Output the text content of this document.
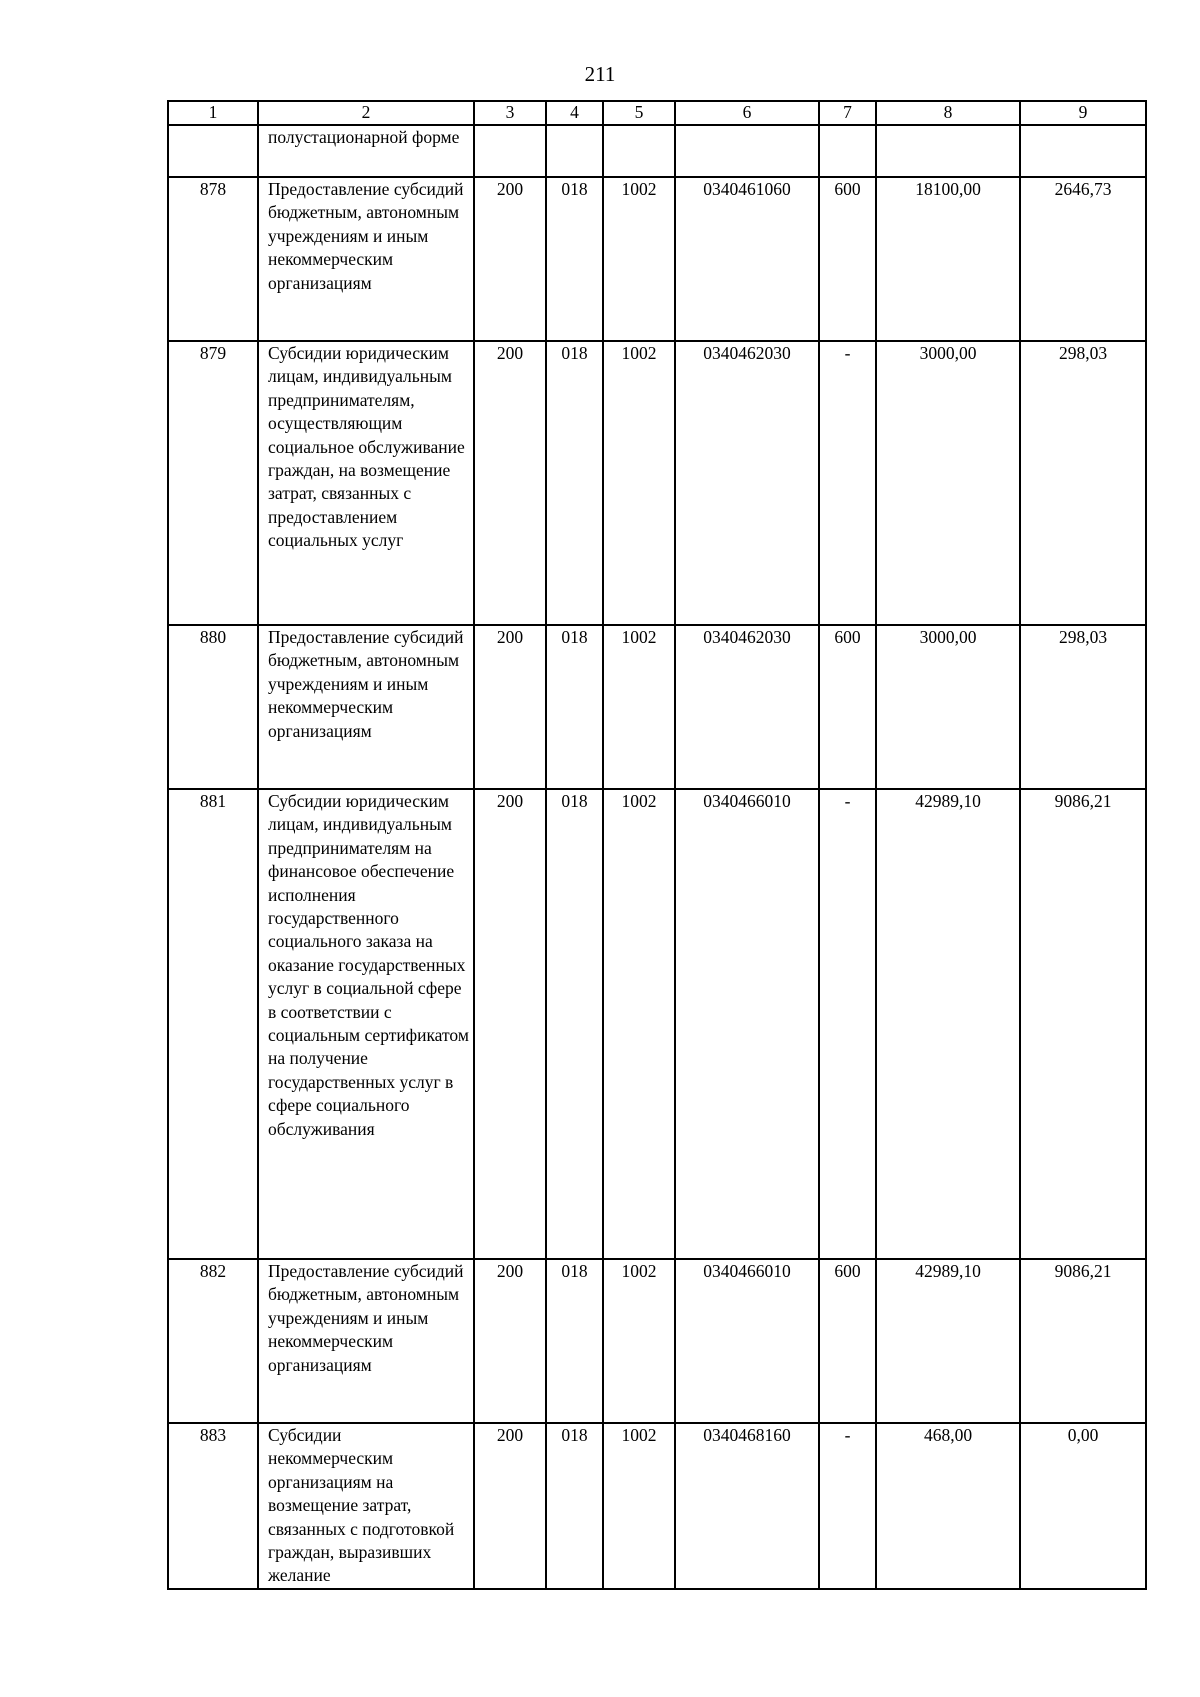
211
1	2	3	4	5	6	7	8	9
	полустационарной форме							
878	Предоставление субсидий бюджетным, автономным учреждениям и иным некоммерческим организациям	200	018	1002	0340461060	600	18100,00	2646,73
879	Субсидии юридическим лицам, индивидуальным предпринимателям, осуществляющим социальное обслуживание граждан, на возмещение затрат, связанных с предоставлением социальных услуг	200	018	1002	0340462030	-	3000,00	298,03
880	Предоставление субсидий бюджетным, автономным учреждениям и иным некоммерческим организациям	200	018	1002	0340462030	600	3000,00	298,03
881	Субсидии юридическим лицам, индивидуальным предпринимателям на финансовое обеспечение исполнения государственного социального заказа на оказание государственных услуг в социальной сфере в соответствии с социальным сертификатом на получение государственных услуг в сфере социального обслуживания	200	018	1002	0340466010	-	42989,10	9086,21
882	Предоставление субсидий бюджетным, автономным учреждениям и иным некоммерческим организациям	200	018	1002	0340466010	600	42989,10	9086,21
883	Субсидии некоммерческим организациям на возмещение затрат, связанных с подготовкой граждан, выразивших желание	200	018	1002	0340468160	-	468,00	0,00
